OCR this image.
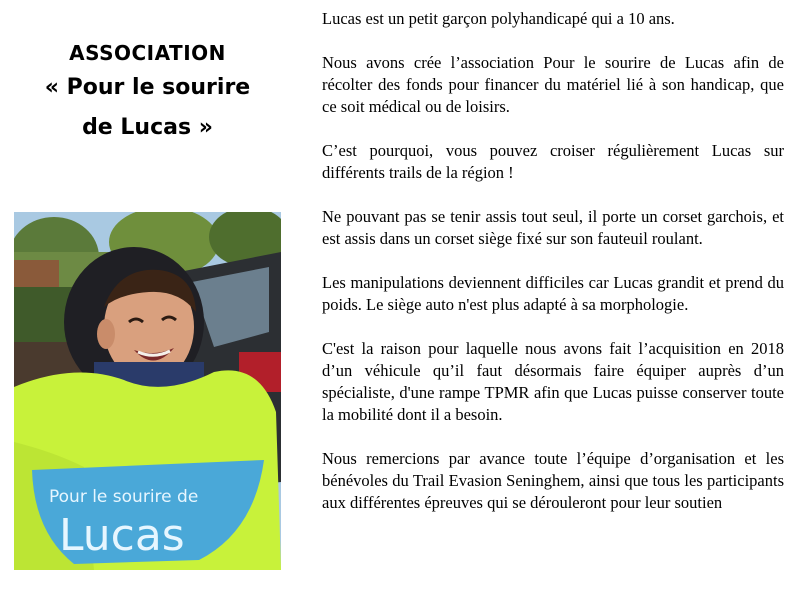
ASSOCIATION
« Pour le sourire
de Lucas »
Pour le sourire de
Lucas

Lucas est un petit garçon polyhandicapé qui a 10 ans.

Nous avons crée l’association Pour le sourire de Lucas afin de récolter des fonds pour financer du matériel lié à son handicap, que ce soit médical ou de loisirs.

C’est pourquoi, vous pouvez croiser régulièrement Lucas sur différents trails de la région !

Ne pouvant pas se tenir assis tout seul, il porte un corset garchois, et est assis dans un corset siège fixé sur son fauteuil roulant.

Les manipulations deviennent difficiles car Lucas grandit et prend du poids. Le siège auto n'est plus adapté à sa morphologie.

C'est la raison pour laquelle nous avons fait l’acquisition en 2018 d’un véhicule qu’il faut désormais faire équiper auprès d’un spécialiste, d'une rampe TPMR afin que Lucas puisse conserver toute la mobilité dont il a besoin.

Nous remercions par avance toute l’équipe d’organisation et les bénévoles du Trail Evasion Seninghem, ainsi que tous les participants aux différentes épreuves qui se dérouleront pour leur soutien
